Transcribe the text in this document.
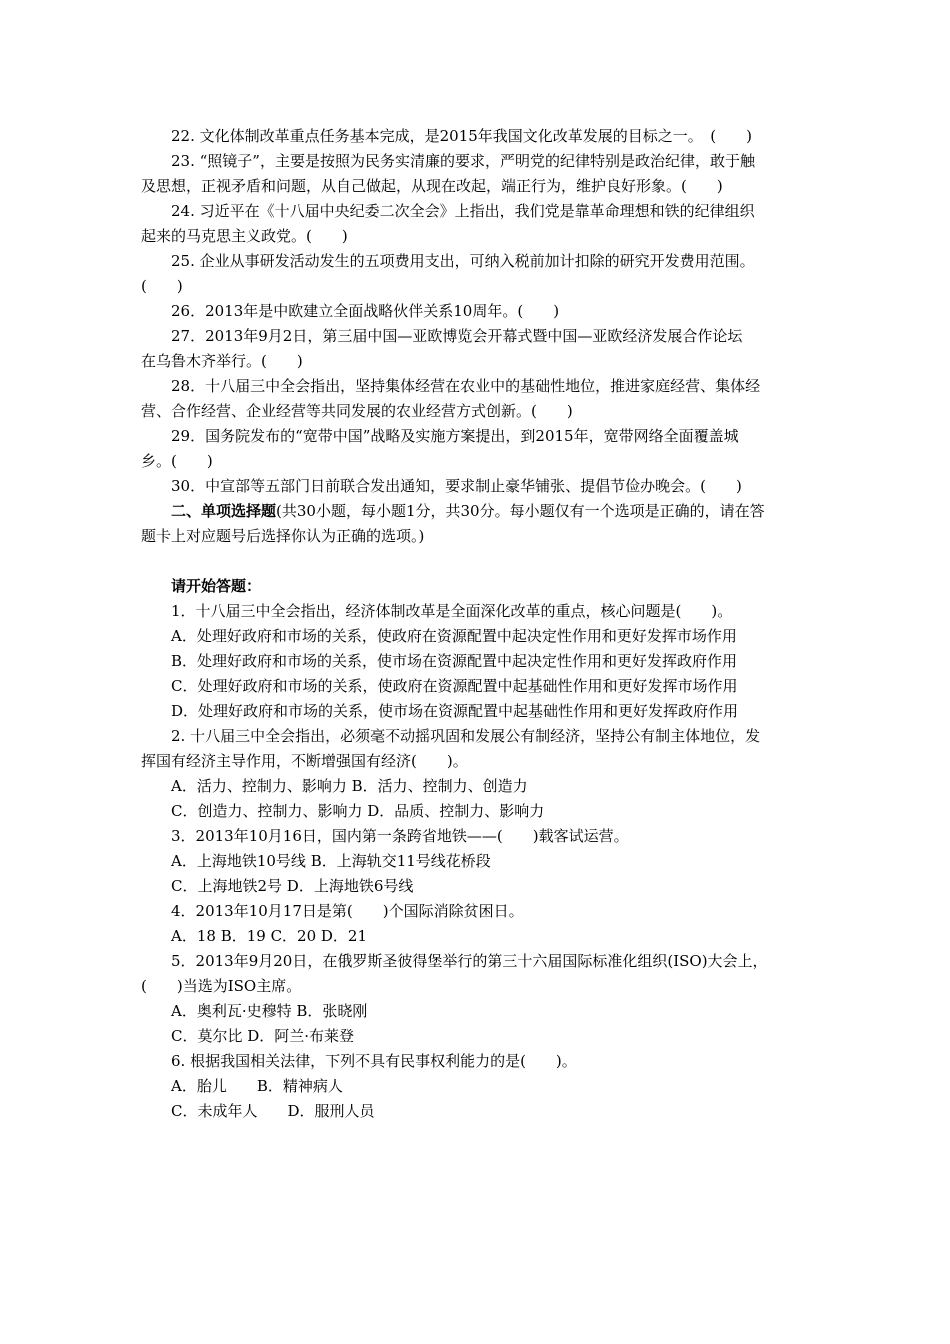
22. 文化体制改革重点任务基本完成，是2015年我国文化改革发展的目标之一。　(　　)
23. “照镜子”，主要是按照为民务实清廉的要求，严明党的纪律特别是政治纪律，敢于触
及思想，正视矛盾和问题，从自己做起，从现在改起，端正行为，维护良好形象。(　　)
24. 习近平在《十八届中央纪委二次全会》上指出，我们党是靠革命理想和铁的纪律组织
起来的马克思主义政党。(　　)
25. 企业从事研发活动发生的五项费用支出，可纳入税前加计扣除的研究开发费用范围。
(　　)
26．2013年是中欧建立全面战略伙伴关系10周年。(　　)
27．2013年9月2日，第三届中国—亚欧博览会开幕式暨中国—亚欧经济发展合作论坛
在乌鲁木齐举行。(　　)
28．十八届三中全会指出，坚持集体经营在农业中的基础性地位，推进家庭经营、集体经
营、合作经营、企业经营等共同发展的农业经营方式创新。(　　)
29．国务院发布的“宽带中国”战略及实施方案提出，到2015年，宽带网络全面覆盖城
乡。(　　)
30．中宣部等五部门日前联合发出通知，要求制止豪华铺张、提倡节俭办晚会。(　　)
二、单项选择题(共30小题，每小题1分，共30分。每小题仅有一个选项是正确的，请在答
题卡上对应题号后选择你认为正确的选项。)
请开始答题：
1．十八届三中全会指出，经济体制改革是全面深化改革的重点，核心问题是(　　)。
A．处理好政府和市场的关系，使政府在资源配置中起决定性作用和更好发挥市场作用
B．处理好政府和市场的关系，使市场在资源配置中起决定性作用和更好发挥政府作用
C．处理好政府和市场的关系，使政府在资源配置中起基础性作用和更好发挥市场作用
D．处理好政府和市场的关系，使市场在资源配置中起基础性作用和更好发挥政府作用
2. 十八届三中全会指出，必须毫不动摇巩固和发展公有制经济，坚持公有制主体地位，发
挥国有经济主导作用，不断增强国有经济(　　)。
A．活力、控制力、影响力 B．活力、控制力、创造力
C．创造力、控制力、影响力 D．品质、控制力、影响力
3．2013年10月16日，国内第一条跨省地铁——(　　)载客试运营。
A．上海地铁10号线 B．上海轨交11号线花桥段
C．上海地铁2号 D．上海地铁6号线
4．2013年10月17日是第(　　)个国际消除贫困日。
A．18 B．19 C．20 D．21
5．2013年9月20日，在俄罗斯圣彼得堡举行的第三十六届国际标准化组织(ISO)大会上，
(　　)当选为ISO主席。
A．奥利瓦·史穆特 B．张晓刚
C．莫尔比 D．阿兰·布莱登
6. 根据我国相关法律，下列不具有民事权利能力的是(　　)。
A．胎儿　　B．精神病人
C．未成年人　　D．服刑人员
